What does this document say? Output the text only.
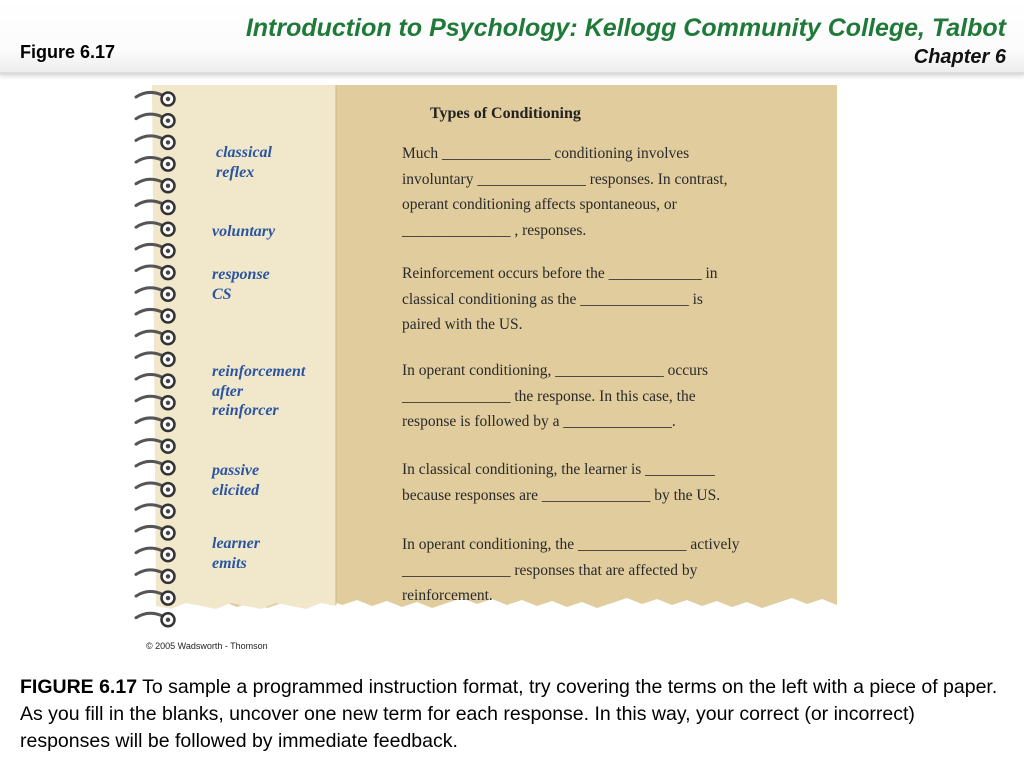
Introduction to Psychology: Kellogg Community College, Talbot
Chapter 6
Figure 6.17
Types of Conditioning
classical
reflex
voluntary
response
CS
reinforcement
after
reinforcer
passive
elicited
learner
emits
Much ______________ conditioning involves
involuntary ______________ responses. In contrast,
operant conditioning affects spontaneous, or
______________ , responses.
Reinforcement occurs before the ____________ in
classical conditioning as the ______________ is
paired with the US.
In operant conditioning, ______________ occurs
______________ the response. In this case, the
response is followed by a ______________.
In classical conditioning, the learner is _________
because responses are ______________ by the US.
In operant conditioning, the ______________ actively
______________ responses that are affected by
reinforcement.
© 2005 Wadsworth - Thomson
FIGURE 6.17 To sample a programmed instruction format, try covering the terms on the left with a piece of paper. As you fill in the blanks, uncover one new term for each response. In this way, your correct (or incorrect) responses will be followed by immediate feedback.
